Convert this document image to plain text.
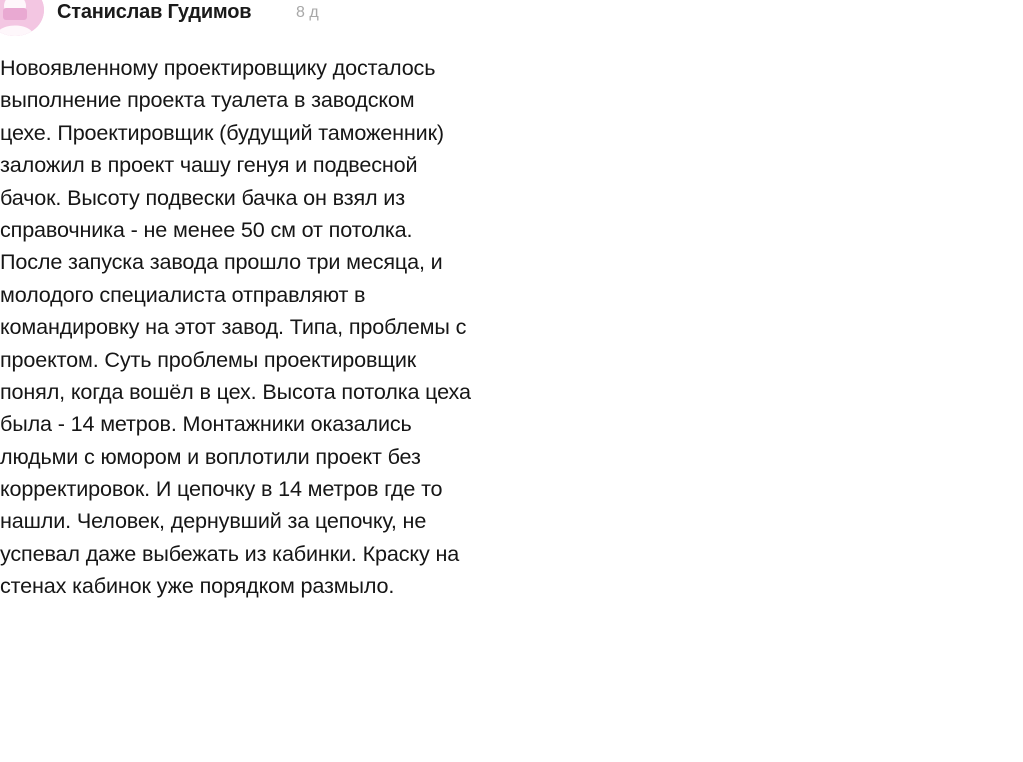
Станислав Гудимов	8 д
Новоявленному проектировщику досталось
выполнение проекта туалета в заводском
цехе. Проектировщик (будущий таможенник)
заложил в проект чашу генуя и подвесной
бачок. Высоту подвески бачка он взял из
справочника - не менее 50 см от потолка.
После запуска завода прошло три месяца, и
молодого специалиста отправляют в
командировку на этот завод. Типа, проблемы с
проектом. Суть проблемы проектировщик
понял, когда вошёл в цех. Высота потолка цеха
была - 14 метров. Монтажники оказались
людьми с юмором и воплотили проект без
корректировок. И цепочку в 14 метров где то
нашли. Человек, дернувший за цепочку, не
успевал даже выбежать из кабинки. Краску на
стенах кабинок уже порядком размыло.
